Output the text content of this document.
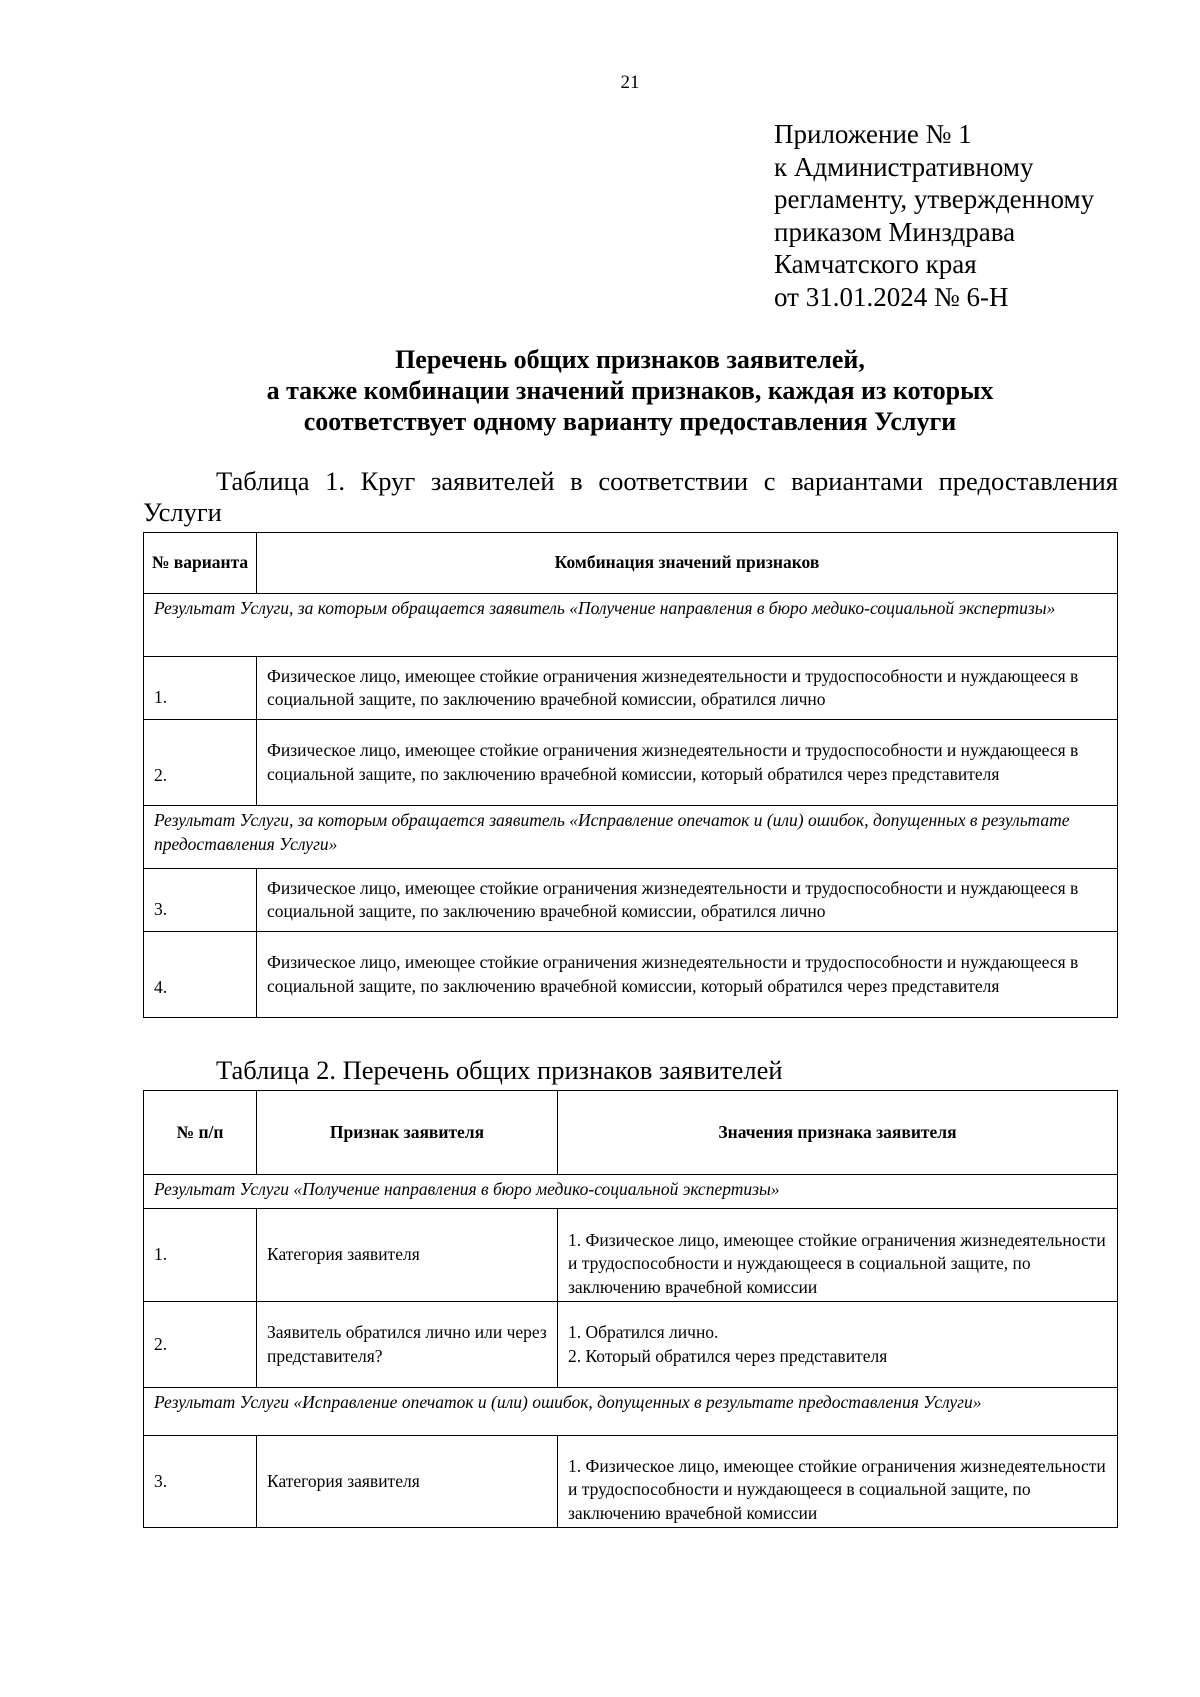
21
Приложение № 1
к Административному
регламенту, утвержденному
приказом Минздрава
Камчатского края
от 31.01.2024 № 6-Н
Перечень общих признаков заявителей,
а также комбинации значений признаков, каждая из которых
соответствует одному варианту предоставления Услуги
Таблица 1. Круг заявителей в соответствии с вариантами предоставления Услуги
№ варианта	Комбинация значений признаков
Результат Услуги, за которым обращается заявитель «Получение направления в бюро медико-социальной экспертизы»	
1.	Физическое лицо, имеющее стойкие ограничения жизнедеятельности и трудоспособности и нуждающееся в социальной защите, по заключению врачебной комиссии, обратился лично
2.	Физическое лицо, имеющее стойкие ограничения жизнедеятельности и трудоспособности и нуждающееся в социальной защите, по заключению врачебной комиссии, который обратился через представителя
Результат Услуги, за которым обращается заявитель «Исправление опечаток и (или) ошибок, допущенных в результате предоставления Услуги»	
3.	Физическое лицо, имеющее стойкие ограничения жизнедеятельности и трудоспособности и нуждающееся в социальной защите, по заключению врачебной комиссии, обратился лично
4.	Физическое лицо, имеющее стойкие ограничения жизнедеятельности и трудоспособности и нуждающееся в социальной защите, по заключению врачебной комиссии, который обратился через представителя
Таблица 2. Перечень общих признаков заявителей
№ п/п	Признак заявителя	Значения признака заявителя
Результат Услуги «Получение направления в бюро медико-социальной экспертизы»		
1.	Категория заявителя	1. Физическое лицо, имеющее стойкие ограничения жизнедеятельности и трудоспособности и нуждающееся в социальной защите, по заключению врачебной комиссии
2.	Заявитель обратился лично или через представителя?	1. Обратился лично.
2. Который обратился через представителя

Результат Услуги «Исправление опечаток и (или) ошибок, допущенных в результате предоставления Услуги»		
3.	Категория заявителя	1. Физическое лицо, имеющее стойкие ограничения жизнедеятельности и трудоспособности и нуждающееся в социальной защите, по заключению врачебной комиссии
